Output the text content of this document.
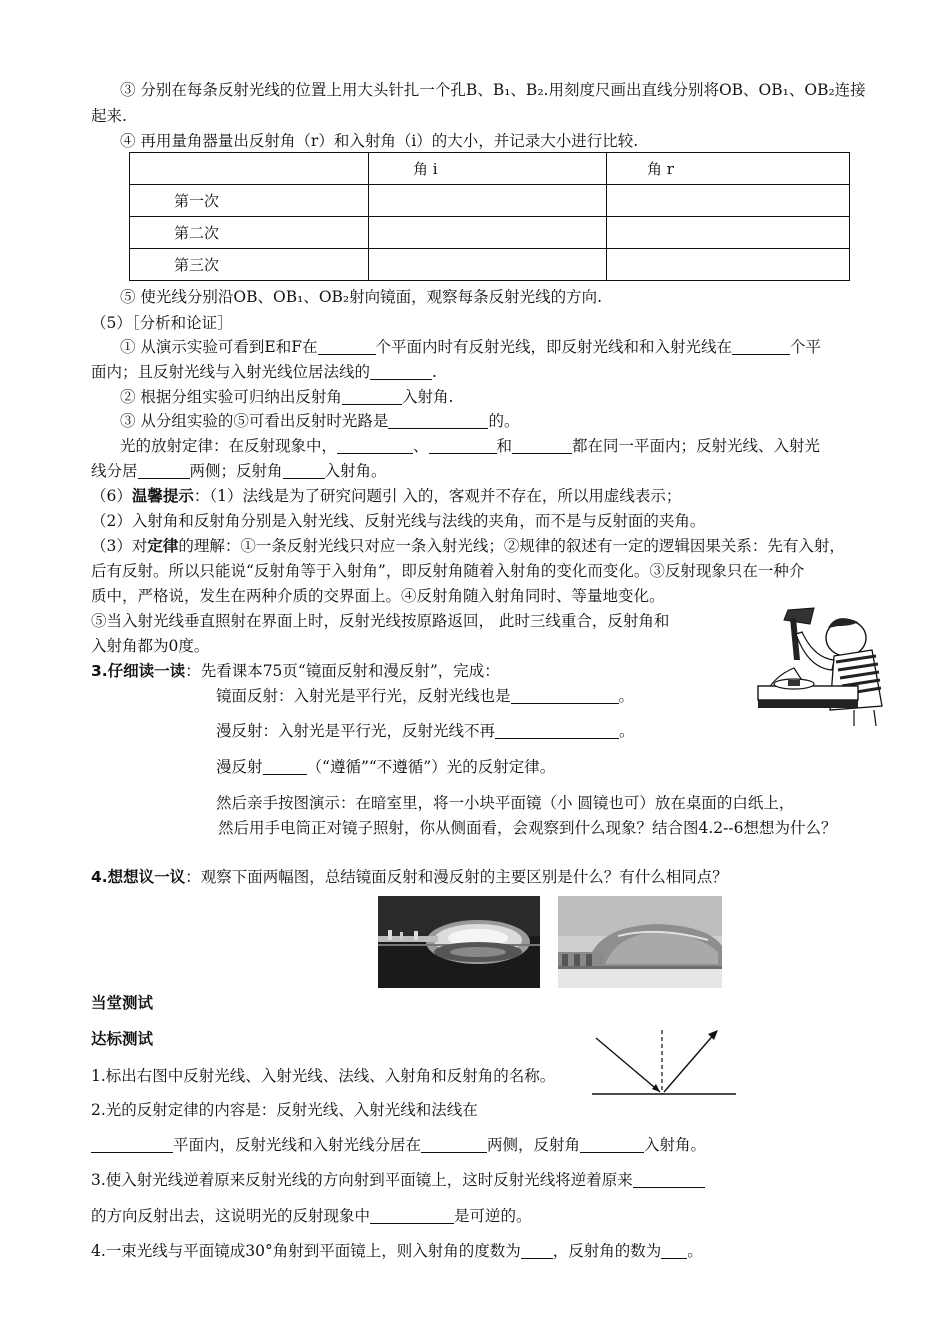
③ 分别在每条反射光线的位置上用大头针扎一个孔B、B₁、B₂.用刻度尺画出直线分别将OB、OB₁、OB₂连接
起来.
④ 再用量角器量出反射角（r）和入射角（i）的大小，并记录大小进行比较.
	角 i	角 r
第一次		
第二次		
第三次		
⑤ 使光线分别沿OB、OB₁、OB₂射向镜面，观察每条反射光线的方向.
（5）［分析和论证］
① 从演示实验可看到E和F在	个平面内时有反射光线，即反射光线和和入射光线在	个平
面内；且反射光线与入射光线位居法线的	.
② 根据分组实验可归纳出反射角	入射角.
③ 从分组实验的⑤可看出反射时光路是	的。
光的放射定律：在反射现象中，	、	和	都在同一平面内；反射光线、入射光
线分居	两侧；反射角	入射角。
（6）温馨提示：（1）法线是为了研究问题引 入的，客观并不存在，所以用虚线表示；
（2）入射角和反射角分别是入射光线、反射光线与法线的夹角，而不是与反射面的夹角。
（3）对定律的理解：①一条反射光线只对应一条入射光线；②规律的叙述有一定的逻辑因果关系：先有入射，
后有反射。所以只能说“反射角等于入射角”，即反射角随着入射角的变化而变化。③反射现象只在一种介
质中，严格说，发生在两种介质的交界面上。④反射角随入射角同时、等量地变化。
⑤当入射光线垂直照射在界面上时，反射光线按原路返回， 此时三线重合，反射角和
入射角都为0度。
3.仔细读一读：先看课本75页“镜面反射和漫反射”，完成：
镜面反射：入射光是平行光，反射光线也是	。
漫反射：入射光是平行光，反射光线不再	。
漫反射	（“遵循”“不遵循”）光的反射定律。
然后亲手按图演示：在暗室里，将一小块平面镜（小 圆镜也可）放在桌面的白纸上，
然后用手电筒正对镜子照射，你从侧面看，会观察到什么现象？结合图4.2--6想想为什么？
4.想想议一议：观察下面两幅图，总结镜面反射和漫反射的主要区别是什么？有什么相同点？
当堂测试
达标测试
1.标出右图中反射光线、入射光线、法线、入射角和反射角的名称。
2.光的反射定律的内容是：反射光线、入射光线和法线在
平面内，反射光线和入射光线分居在	两侧，反射角	入射角。
3.使入射光线逆着原来反射光线的方向射到平面镜上，这时反射光线将逆着原来
的方向反射出去，这说明光的反射现象中	是可逆的。
4.一束光线与平面镜成30°角射到平面镜上，则入射角的度数为 ，反射角的数为 。
